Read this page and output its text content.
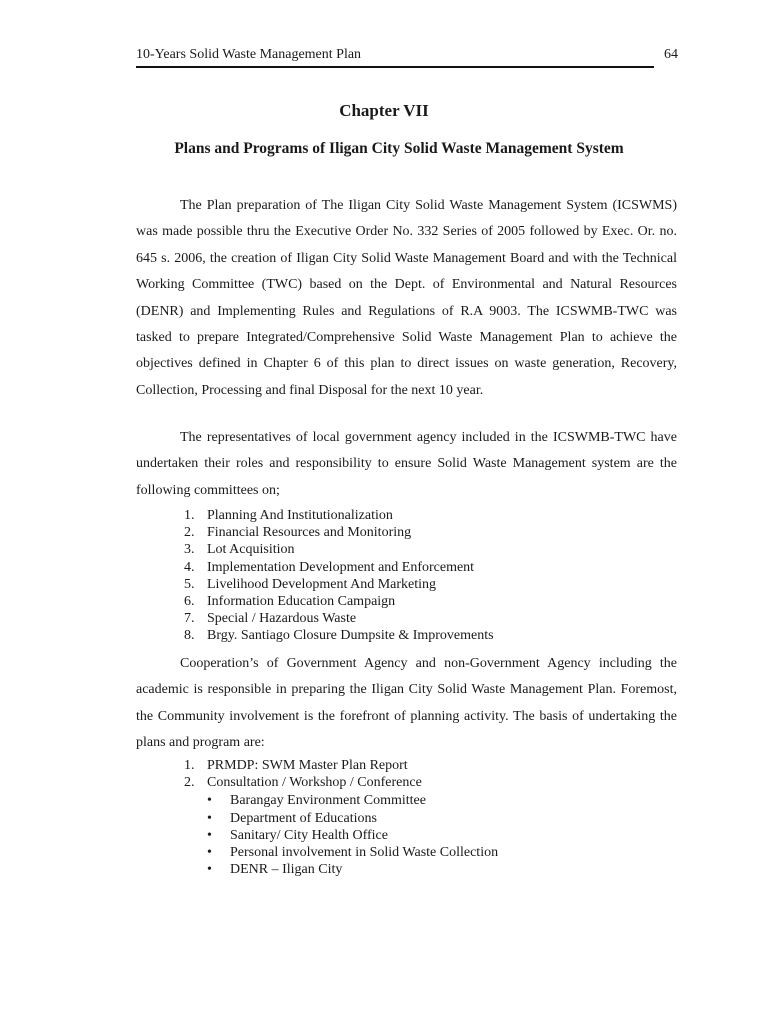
10-Years Solid Waste Management Plan	64
Chapter VII
Plans and Programs of Iligan City Solid Waste Management System

The Plan preparation of The Iligan City Solid Waste Management System (ICSWMS) was made possible thru the Executive Order No. 332 Series of 2005 followed by Exec. Or. no. 645 s. 2006, the creation of Iligan City Solid Waste Management Board and with the Technical Working Committee (TWC) based on the Dept. of Environmental and Natural Resources (DENR) and Implementing Rules and Regulations of R.A 9003. The ICSWMB-TWC was tasked to prepare Integrated/Comprehensive Solid Waste Management Plan to achieve the objectives defined in Chapter 6 of this plan to direct issues on waste generation, Recovery, Collection, Processing and final Disposal for the next 10 year.

The representatives of local government agency included in the ICSWMB-TWC have undertaken their roles and responsibility to ensure Solid Waste Management system are the following committees on;

1. Planning And Institutionalization
2. Financial Resources and Monitoring
3. Lot Acquisition
4. Implementation Development and Enforcement
5. Livelihood Development And Marketing
6. Information Education Campaign
7. Special / Hazardous Waste
8. Brgy. Santiago Closure Dumpsite & Improvements

Cooperation’s of Government Agency and non-Government Agency including the academic is responsible in preparing the Iligan City Solid Waste Management Plan. Foremost, the Community involvement is the forefront of planning activity. The basis of undertaking the plans and program are:

1. PRMDP: SWM Master Plan Report
2. Consultation / Workshop / Conference
• Barangay Environment Committee
• Department of Educations
• Sanitary/ City Health Office
• Personal involvement in Solid Waste Collection
• DENR – Iligan City
